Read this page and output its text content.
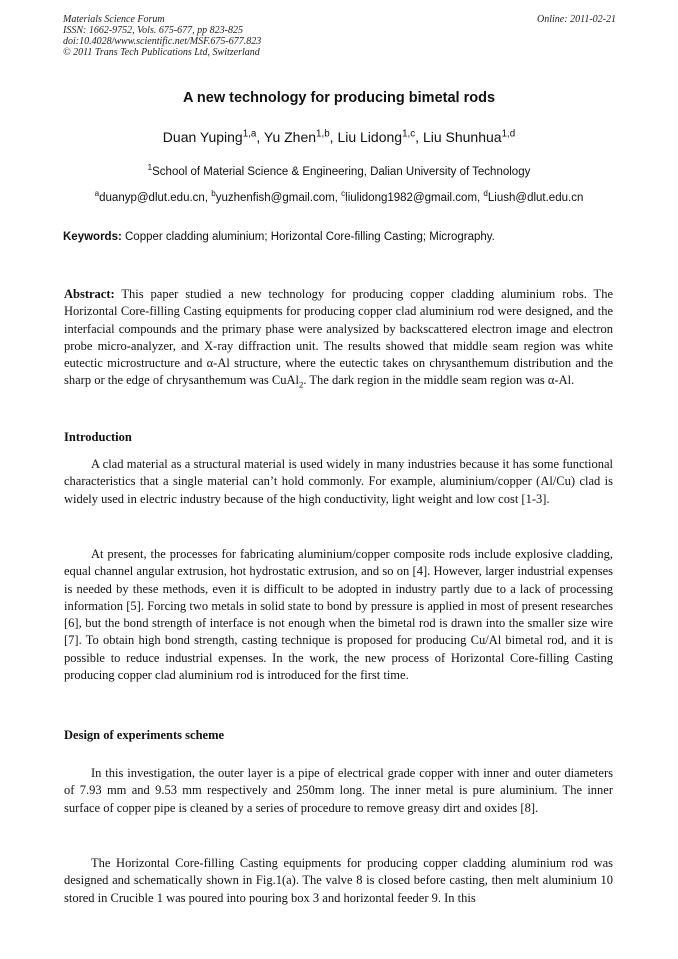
Materials Science Forum
ISSN: 1662-9752, Vols. 675-677, pp 823-825
doi:10.4028/www.scientific.net/MSF.675-677.823
© 2011 Trans Tech Publications Ltd, Switzerland
Online: 2011-02-21
A new technology for producing bimetal rods
Duan Yuping$^{1,a}$, Yu Zhen$^{1,b}$, Liu Lidong$^{1,c}$, Liu Shunhua$^{1,d}$
$^1$School of Material Science & Engineering, Dalian University of Technology
$^a$duanyp@dlut.edu.cn, $^b$yuzhenfish@gmail.com, $^c$liulidong1982@gmail.com, $^d$Liush@dlut.edu.cn
Keywords: Copper cladding aluminium; Horizontal Core-filling Casting; Micrography.

Abstract: This paper studied a new technology for producing copper cladding aluminium robs. The Horizontal Core-filling Casting equipments for producing copper clad aluminium rod were designed, and the interfacial compounds and the primary phase were analysized by backscattered electron image and electron probe micro-analyzer, and X-ray diffraction unit. The results showed that middle seam region was white eutectic microstructure and α-Al structure, where the eutectic takes on chrysanthemum distribution and the sharp or the edge of chrysanthemum was CuAl$_2$. The dark region in the middle seam region was α-Al.

Introduction

A clad material as a structural material is used widely in many industries because it has some functional characteristics that a single material can’t hold commonly. For example, aluminium/copper (Al/Cu) clad is widely used in electric industry because of the high conductivity, light weight and low cost [1-3].

At present, the processes for fabricating aluminium/copper composite rods include explosive cladding, equal channel angular extrusion, hot hydrostatic extrusion, and so on [4]. However, larger industrial expenses is needed by these methods, even it is difficult to be adopted in industry partly due to a lack of processing information [5]. Forcing two metals in solid state to bond by pressure is applied in most of present researches [6], but the bond strength of interface is not enough when the bimetal rod is drawn into the smaller size wire [7]. To obtain high bond strength, casting technique is proposed for producing Cu/Al bimetal rod, and it is possible to reduce industrial expenses. In the work, the new process of Horizontal Core-filling Casting producing copper clad aluminium rod is introduced for the first time.

Design of experiments scheme

In this investigation, the outer layer is a pipe of electrical grade copper with inner and outer diameters of 7.93 mm and 9.53 mm respectively and 250mm long. The inner metal is pure aluminium. The inner surface of copper pipe is cleaned by a series of procedure to remove greasy dirt and oxides [8].

The Horizontal Core-filling Casting equipments for producing copper cladding aluminium rod was designed and schematically shown in Fig.1(a). The valve 8 is closed before casting, then melt aluminium 10 stored in Crucible 1 was poured into pouring box 3 and horizontal feeder 9. In this
